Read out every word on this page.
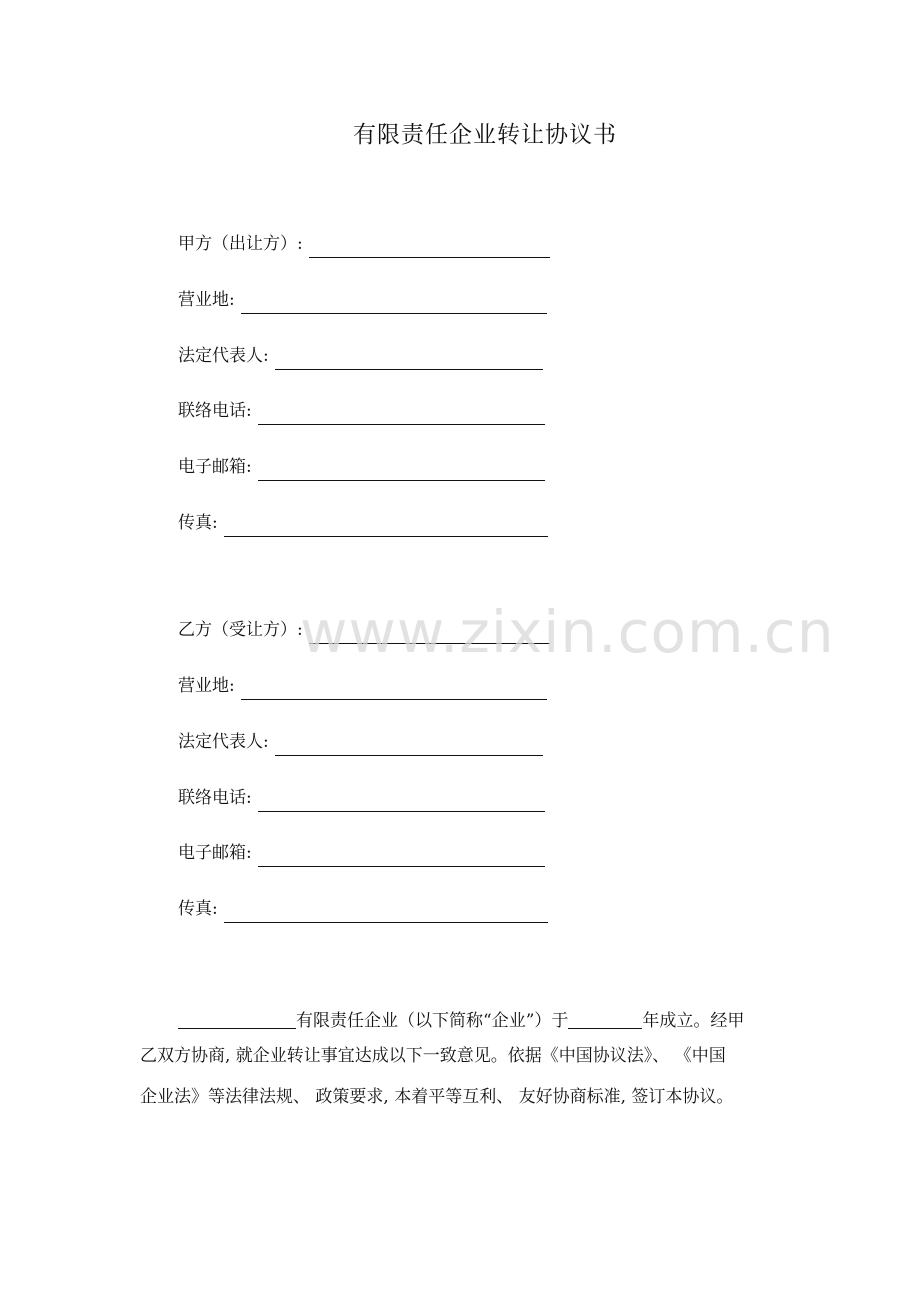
有限责任企业转让协议书
甲方（出让方）:
营业地:
法定代表人:
联络电话:
电子邮箱:
传真:
乙方（受让方）:
营业地:
法定代表人:
联络电话:
电子邮箱:
传真:
有限责任企业（以下简称“企业”）于	年成立。经甲
乙双方协商, 就企业转让事宜达成以下一致意见。依据《中国协议法》、 《中国
企业法》等法律法规、 政策要求, 本着平等互利、 友好协商标准, 签订本协议。
www.zixin.com.cn
